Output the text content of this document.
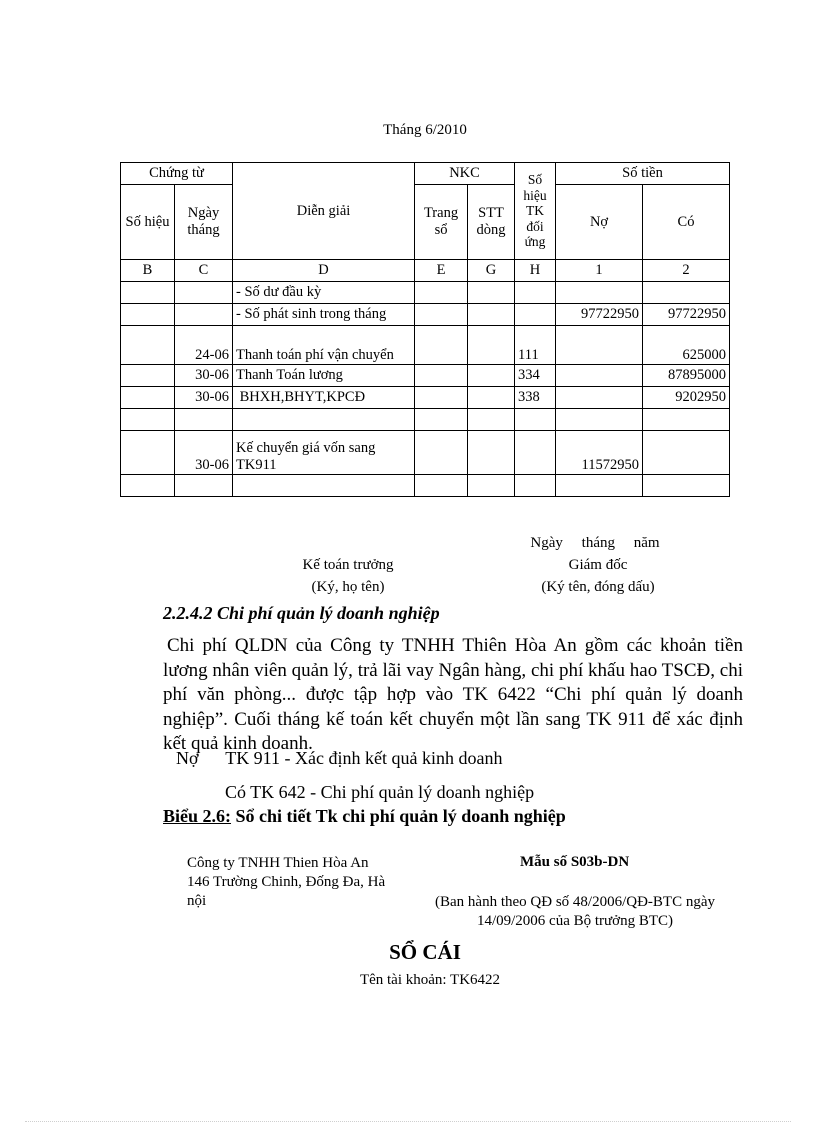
Tháng 6/2010
Chứng từ		Diễn giải	NKC		Số hiệu TK đối ứng	Số tiền	
Số hiệu	Ngày tháng		Trang sổ	STT dòng		Nợ	Có
B	C	D	E	G	H	1	2
		- Số dư đầu kỳ					
		- Số phát sinh trong tháng				97722950	97722950
	24-06	Thanh toán phí vận chuyển			111		625000
	30-06	Thanh Toán lương			334		87895000
	30-06	BHXH,BHYT,KPCĐ			338		9202950

	30-06	Kế chuyển giá vốn sang TK911				11572950	

Ngày     tháng     năm
Kế toán trưởng
(Ký, họ tên)
Giám đốc
(Ký tên, đóng dấu)
2.2.4.2 Chi phí quản lý doanh nghiệp
Chi phí QLDN của Công ty TNHH Thiên Hòa An gồm các khoản tiền lương nhân viên quản lý, trả lãi vay Ngân hàng, chi phí khấu hao TSCĐ, chi phí văn phòng... được tập hợp vào TK 6422 “Chi phí quản lý doanh nghiệp”. Cuối tháng kế toán kết chuyển một lần sang TK 911 để xác định kết quả kinh doanh.
Nợ      TK 911 - Xác định kết quả kinh doanh
Có TK 642 - Chi phí quản lý doanh nghiệp
Biểu 2.6: Sổ chi tiết Tk chi phí quản lý doanh nghiệp
Công ty TNHH Thien Hòa An
146 Trường Chinh, Đống Đa, Hà nội
Mẫu số S03b-DN
(Ban hành theo QĐ số 48/2006/QĐ-BTC ngày 14/09/2006 của Bộ trưởng BTC)
SỔ CÁI
Tên tài khoản: TK6422
